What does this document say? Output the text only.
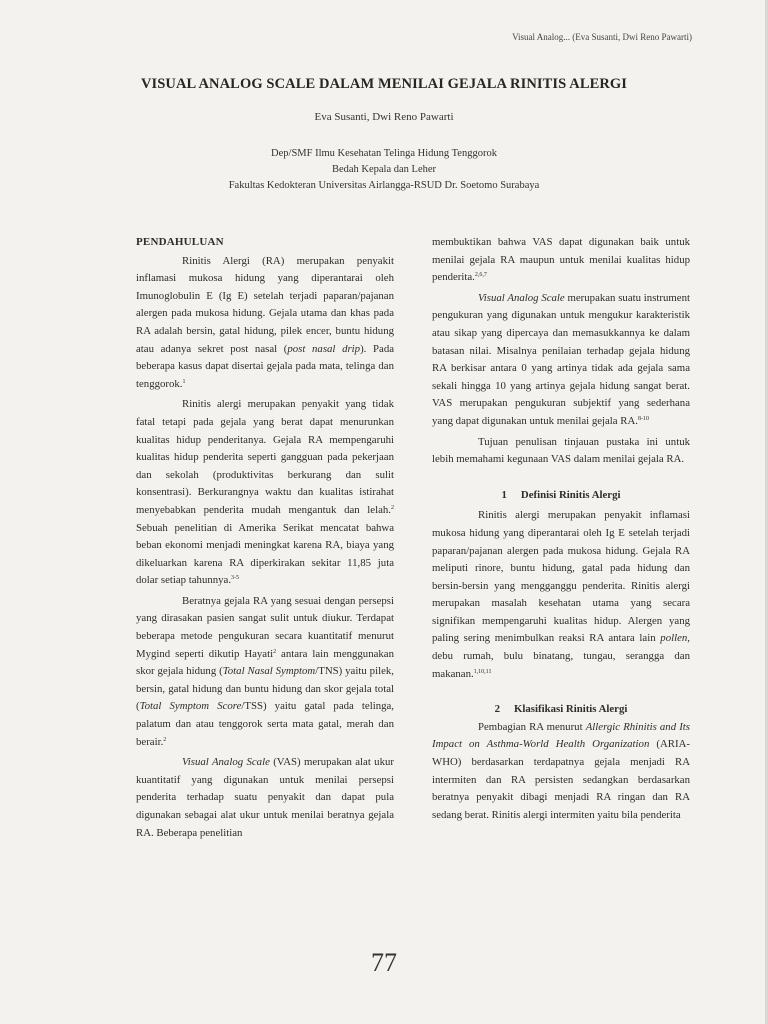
Visual Analog... (Eva Susanti, Dwi Reno Pawarti)
VISUAL ANALOG SCALE DALAM MENILAI GEJALA RINITIS ALERGI
Eva Susanti, Dwi Reno Pawarti
Dep/SMF Ilmu Kesehatan Telinga Hidung Tenggorok
Bedah Kepala dan Leher
Fakultas Kedokteran Universitas Airlangga-RSUD Dr. Soetomo Surabaya
PENDAHULUAN

Rinitis Alergi (RA) merupakan penyakit inflamasi mukosa hidung yang diperantarai oleh Imunoglobulin E (Ig E) setelah terjadi paparan/pajanan alergen pada mukosa hidung. Gejala utama dan khas pada RA adalah bersin, gatal hidung, pilek encer, buntu hidung atau adanya sekret post nasal (post nasal drip). Pada beberapa kasus dapat disertai gejala pada mata, telinga dan tenggorok.$^1$

Rinitis alergi merupakan penyakit yang tidak fatal tetapi pada gejala yang berat dapat menurunkan kualitas hidup penderitanya. Gejala RA mempengaruhi kualitas hidup penderita seperti gangguan pada pekerjaan dan sekolah (produktivitas berkurang dan sulit konsentrasi). Berkurangnya waktu dan kualitas istirahat menyebabkan penderita mudah mengantuk dan lelah.$^2$ Sebuah penelitian di Amerika Serikat mencatat bahwa beban ekonomi menjadi meningkat karena RA, biaya yang dikeluarkan karena RA diperkirakan sekitar 11,85 juta dolar setiap tahunnya.$^{3-5}$

Beratnya gejala RA yang sesuai dengan persepsi yang dirasakan pasien sangat sulit untuk diukur. Terdapat beberapa metode pengukuran secara kuantitatif menurut Mygind seperti dikutip Hayati$^2$ antara lain menggunakan skor gejala hidung (Total Nasal Symptom/TNS) yaitu pilek, bersin, gatal hidung dan buntu hidung dan skor gejala total (Total Symptom Score/TSS) yaitu gatal pada telinga, palatum dan atau tenggorok serta mata gatal, merah dan berair.$^2$

Visual Analog Scale (VAS) merupakan alat ukur kuantitatif yang digunakan untuk menilai persepsi penderita terhadap suatu penyakit dan dapat pula digunakan sebagai alat ukur untuk menilai beratnya gejala RA. Beberapa penelitian

membuktikan bahwa VAS dapat digunakan baik untuk menilai gejala RA maupun untuk menilai kualitas hidup penderita.$^{2,6,7}$

Visual Analog Scale merupakan suatu instrument pengukuran yang digunakan untuk mengukur karakteristik atau sikap yang dipercaya dan memasukkannya ke dalam batasan nilai. Misalnya penilaian terhadap gejala hidung RA berkisar antara 0 yang artinya tidak ada gejala sama sekali hingga 10 yang artinya gejala hidung sangat berat. VAS merupakan pengukuran subjektif yang sederhana yang dapat digunakan untuk menilai gejala RA.$^{8-10}$

Tujuan penulisan tinjauan pustaka ini untuk lebih memahami kegunaan VAS dalam menilai gejala RA.

1 Definisi Rinitis Alergi

Rinitis alergi merupakan penyakit inflamasi mukosa hidung yang diperantarai oleh Ig E setelah terjadi paparan/pajanan alergen pada mukosa hidung. Gejala RA meliputi rinore, buntu hidung, gatal pada hidung dan bersin-bersin yang mengganggu penderita. Rinitis alergi merupakan masalah kesehatan utama yang secara signifikan mempengaruhi kualitas hidup. Alergen yang paling sering menimbulkan reaksi RA antara lain pollen, debu rumah, bulu binatang, tungau, serangga dan makanan.$^{1,10,11}$

2 Klasifikasi Rinitis Alergi

Pembagian RA menurut Allergic Rhinitis and Its Impact on Asthma-World Health Organization (ARIA-WHO) berdasarkan terdapatnya gejala menjadi RA intermiten dan RA persisten sedangkan berdasarkan beratnya penyakit dibagi menjadi RA ringan dan RA sedang berat. Rinitis alergi intermiten yaitu bila penderita

77
